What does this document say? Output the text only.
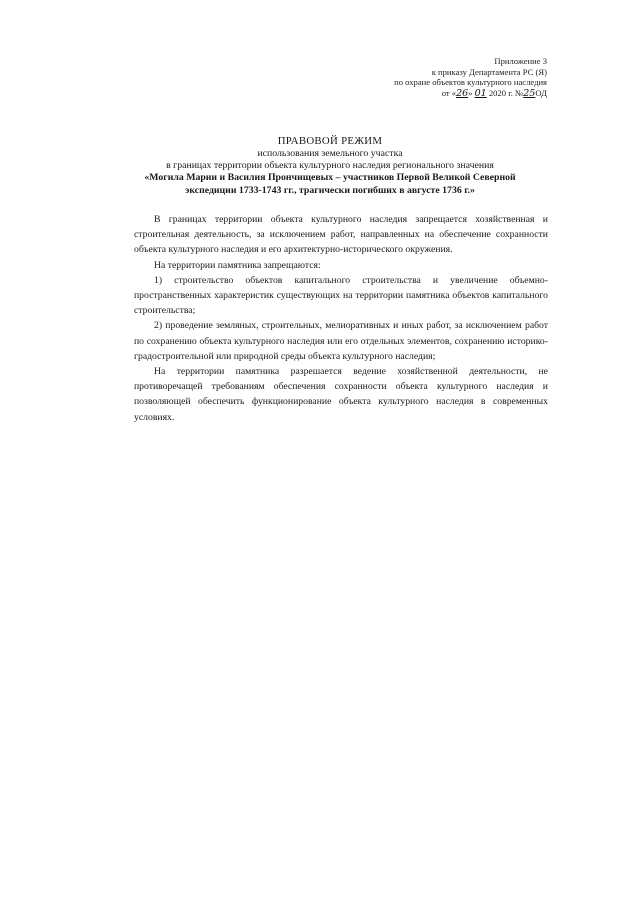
Приложение 3
к приказу Департамента РС (Я)
по охране объектов культурного наследия
от «26» 01 2020 г. №25ОД

ПРАВОВОЙ РЕЖИМ

использования земельного участка

в границах территории объекта культурного наследия регионального значения

«Могила Марии и Василия Прончищевых – участников Первой Великой Северной

экспедиции 1733-1743 гг., трагически погибших в августе 1736 г.»

В границах территории объекта культурного наследия запрещается хозяйственная и строительная деятельность, за исключением работ, направленных на обеспечение сохранности объекта культурного наследия и его архитектурно-исторического окружения.

На территории памятника запрещаются:

1) строительство объектов капитального строительства и увеличение объемно-пространственных характеристик существующих на территории памятника объектов капитального строительства;

2) проведение земляных, строительных, мелиоративных и иных работ, за исключением работ по сохранению объекта культурного наследия или его отдельных элементов, сохранению историко-градостроительной или природной среды объекта культурного наследия;

На территории памятника разрешается ведение хозяйственной деятельности, не противоречащей требованиям обеспечения сохранности объекта культурного наследия и позволяющей обеспечить функционирование объекта культурного наследия в современных условиях.
